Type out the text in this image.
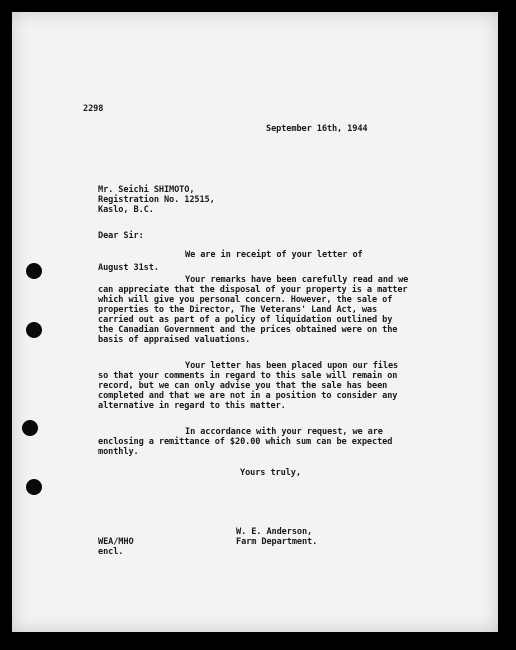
2298
September 16th, 1944
Mr. Seichi SHIMOTO,
Registration No. 12515,
Kaslo, B.C.
Dear Sir:
We are in receipt of your letter of
August 31st.
Your remarks have been carefully read and we can appreciate that the disposal of your property is a matter which will give you personal concern. However, the sale of properties to the Director, The Veterans' Land Act, was carried out as part of a policy of liquidation outlined by the Canadian Government and the prices obtained were on the basis of appraised valuations.
Your letter has been placed upon our files so that your comments in regard to this sale will remain on record, but we can only advise you that the sale has been completed and that we are not in a position to consider any alternative in regard to this matter.
In accordance with your request, we are enclosing a remittance of $20.00 which sum can be expected monthly.
Yours truly,
W. E. Anderson,
Farm Department.
WEA/MHO
encl.
